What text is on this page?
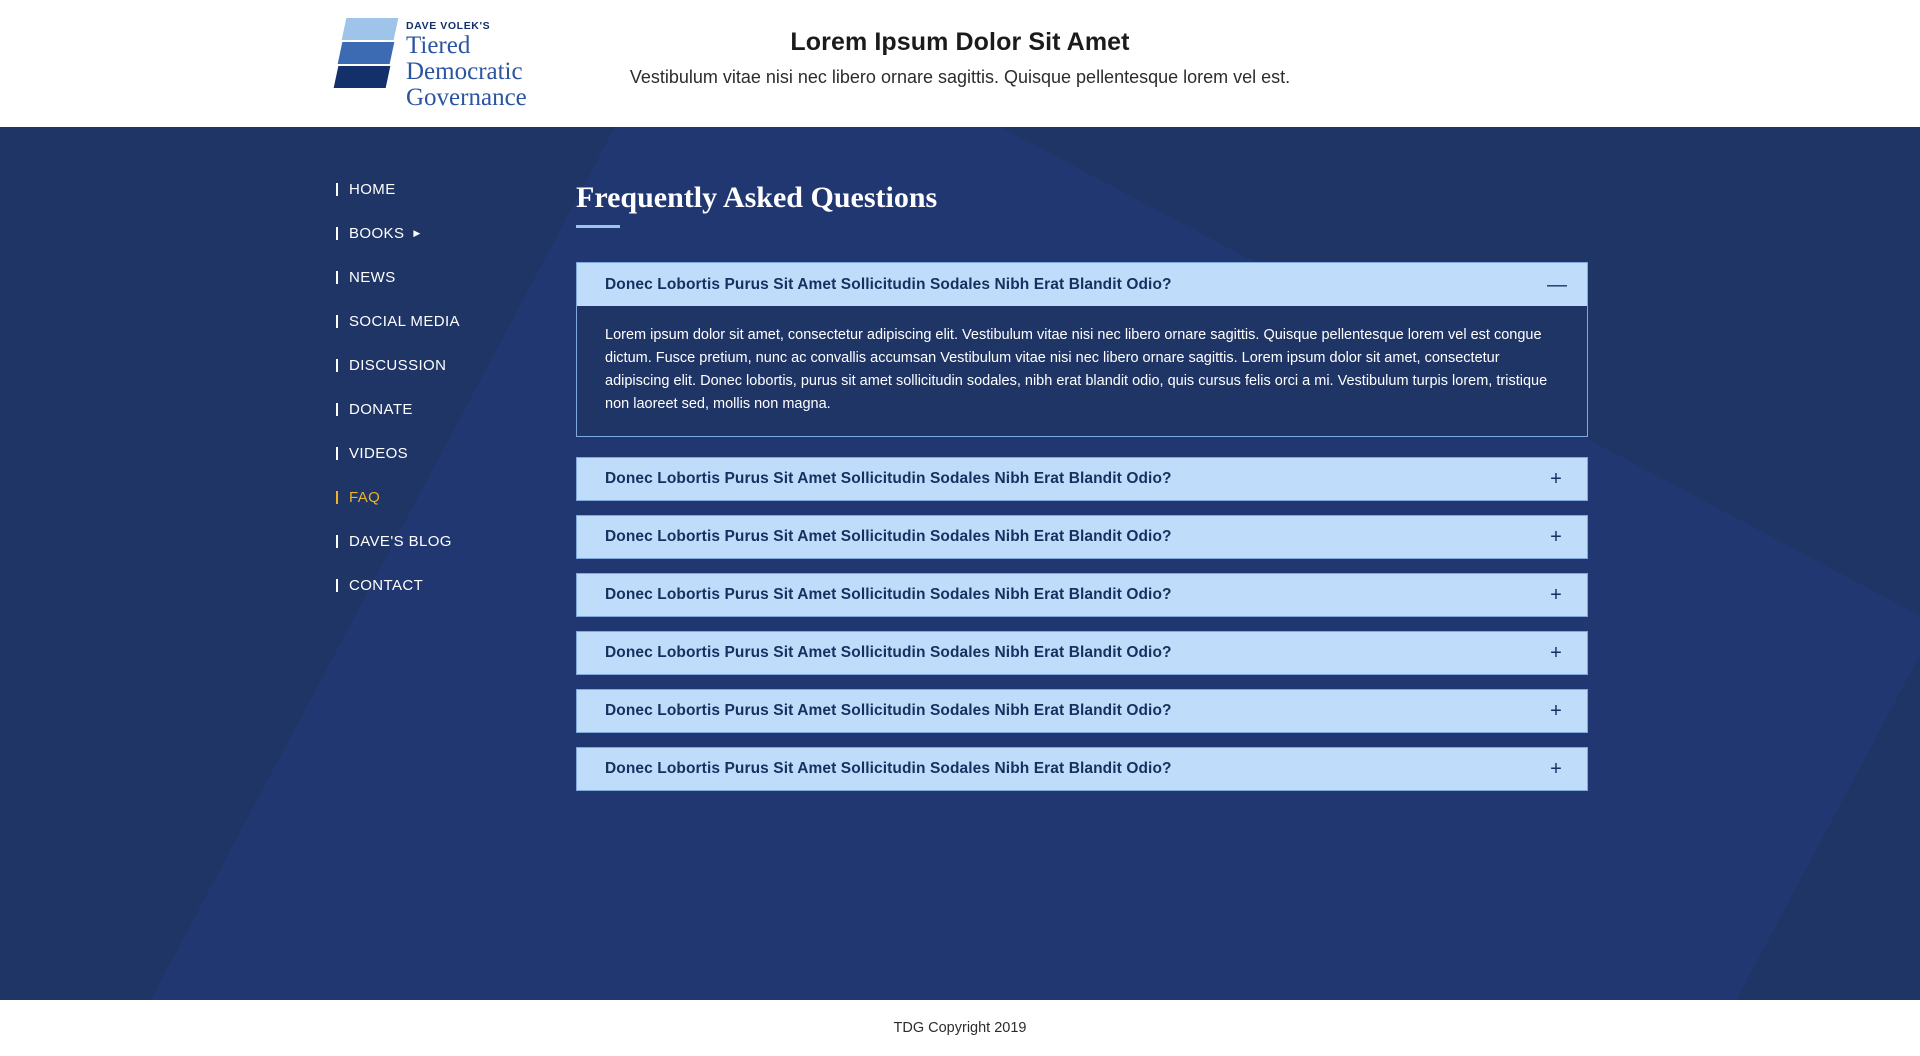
DAVE VOLEK'S
Tiered
Democratic
Governance
Lorem Ipsum Dolor Sit Amet

Vestibulum vitae nisi nec libero ornare sagittis. Quisque pellentesque lorem vel est.

HOME
BOOKS ▶
NEWS
SOCIAL MEDIA
DISCUSSION
DONATE
VIDEOS
FAQ
DAVE'S BLOG
CONTACT
Frequently Asked Questions
Donec Lobortis Purus Sit Amet Sollicitudin Sodales Nibh Erat Blandit Odio?	—

Lorem ipsum dolor sit amet, consectetur adipiscing elit. Vestibulum vitae nisi nec libero ornare sagittis. Quisque pellentesque lorem vel est congue dictum. Fusce pretium, nunc ac convallis accumsan Vestibulum vitae nisi nec libero ornare sagittis. Lorem ipsum dolor sit amet, consectetur adipiscing elit. Donec lobortis, purus sit amet sollicitudin sodales, nibh erat blandit odio, quis cursus felis orci a mi. Vestibulum turpis lorem, tristique non laoreet sed, mollis non magna.

Donec Lobortis Purus Sit Amet Sollicitudin Sodales Nibh Erat Blandit Odio?	+
Donec Lobortis Purus Sit Amet Sollicitudin Sodales Nibh Erat Blandit Odio?	+
Donec Lobortis Purus Sit Amet Sollicitudin Sodales Nibh Erat Blandit Odio?	+
Donec Lobortis Purus Sit Amet Sollicitudin Sodales Nibh Erat Blandit Odio?	+
Donec Lobortis Purus Sit Amet Sollicitudin Sodales Nibh Erat Blandit Odio?	+
Donec Lobortis Purus Sit Amet Sollicitudin Sodales Nibh Erat Blandit Odio?	+
TDG Copyright 2019
